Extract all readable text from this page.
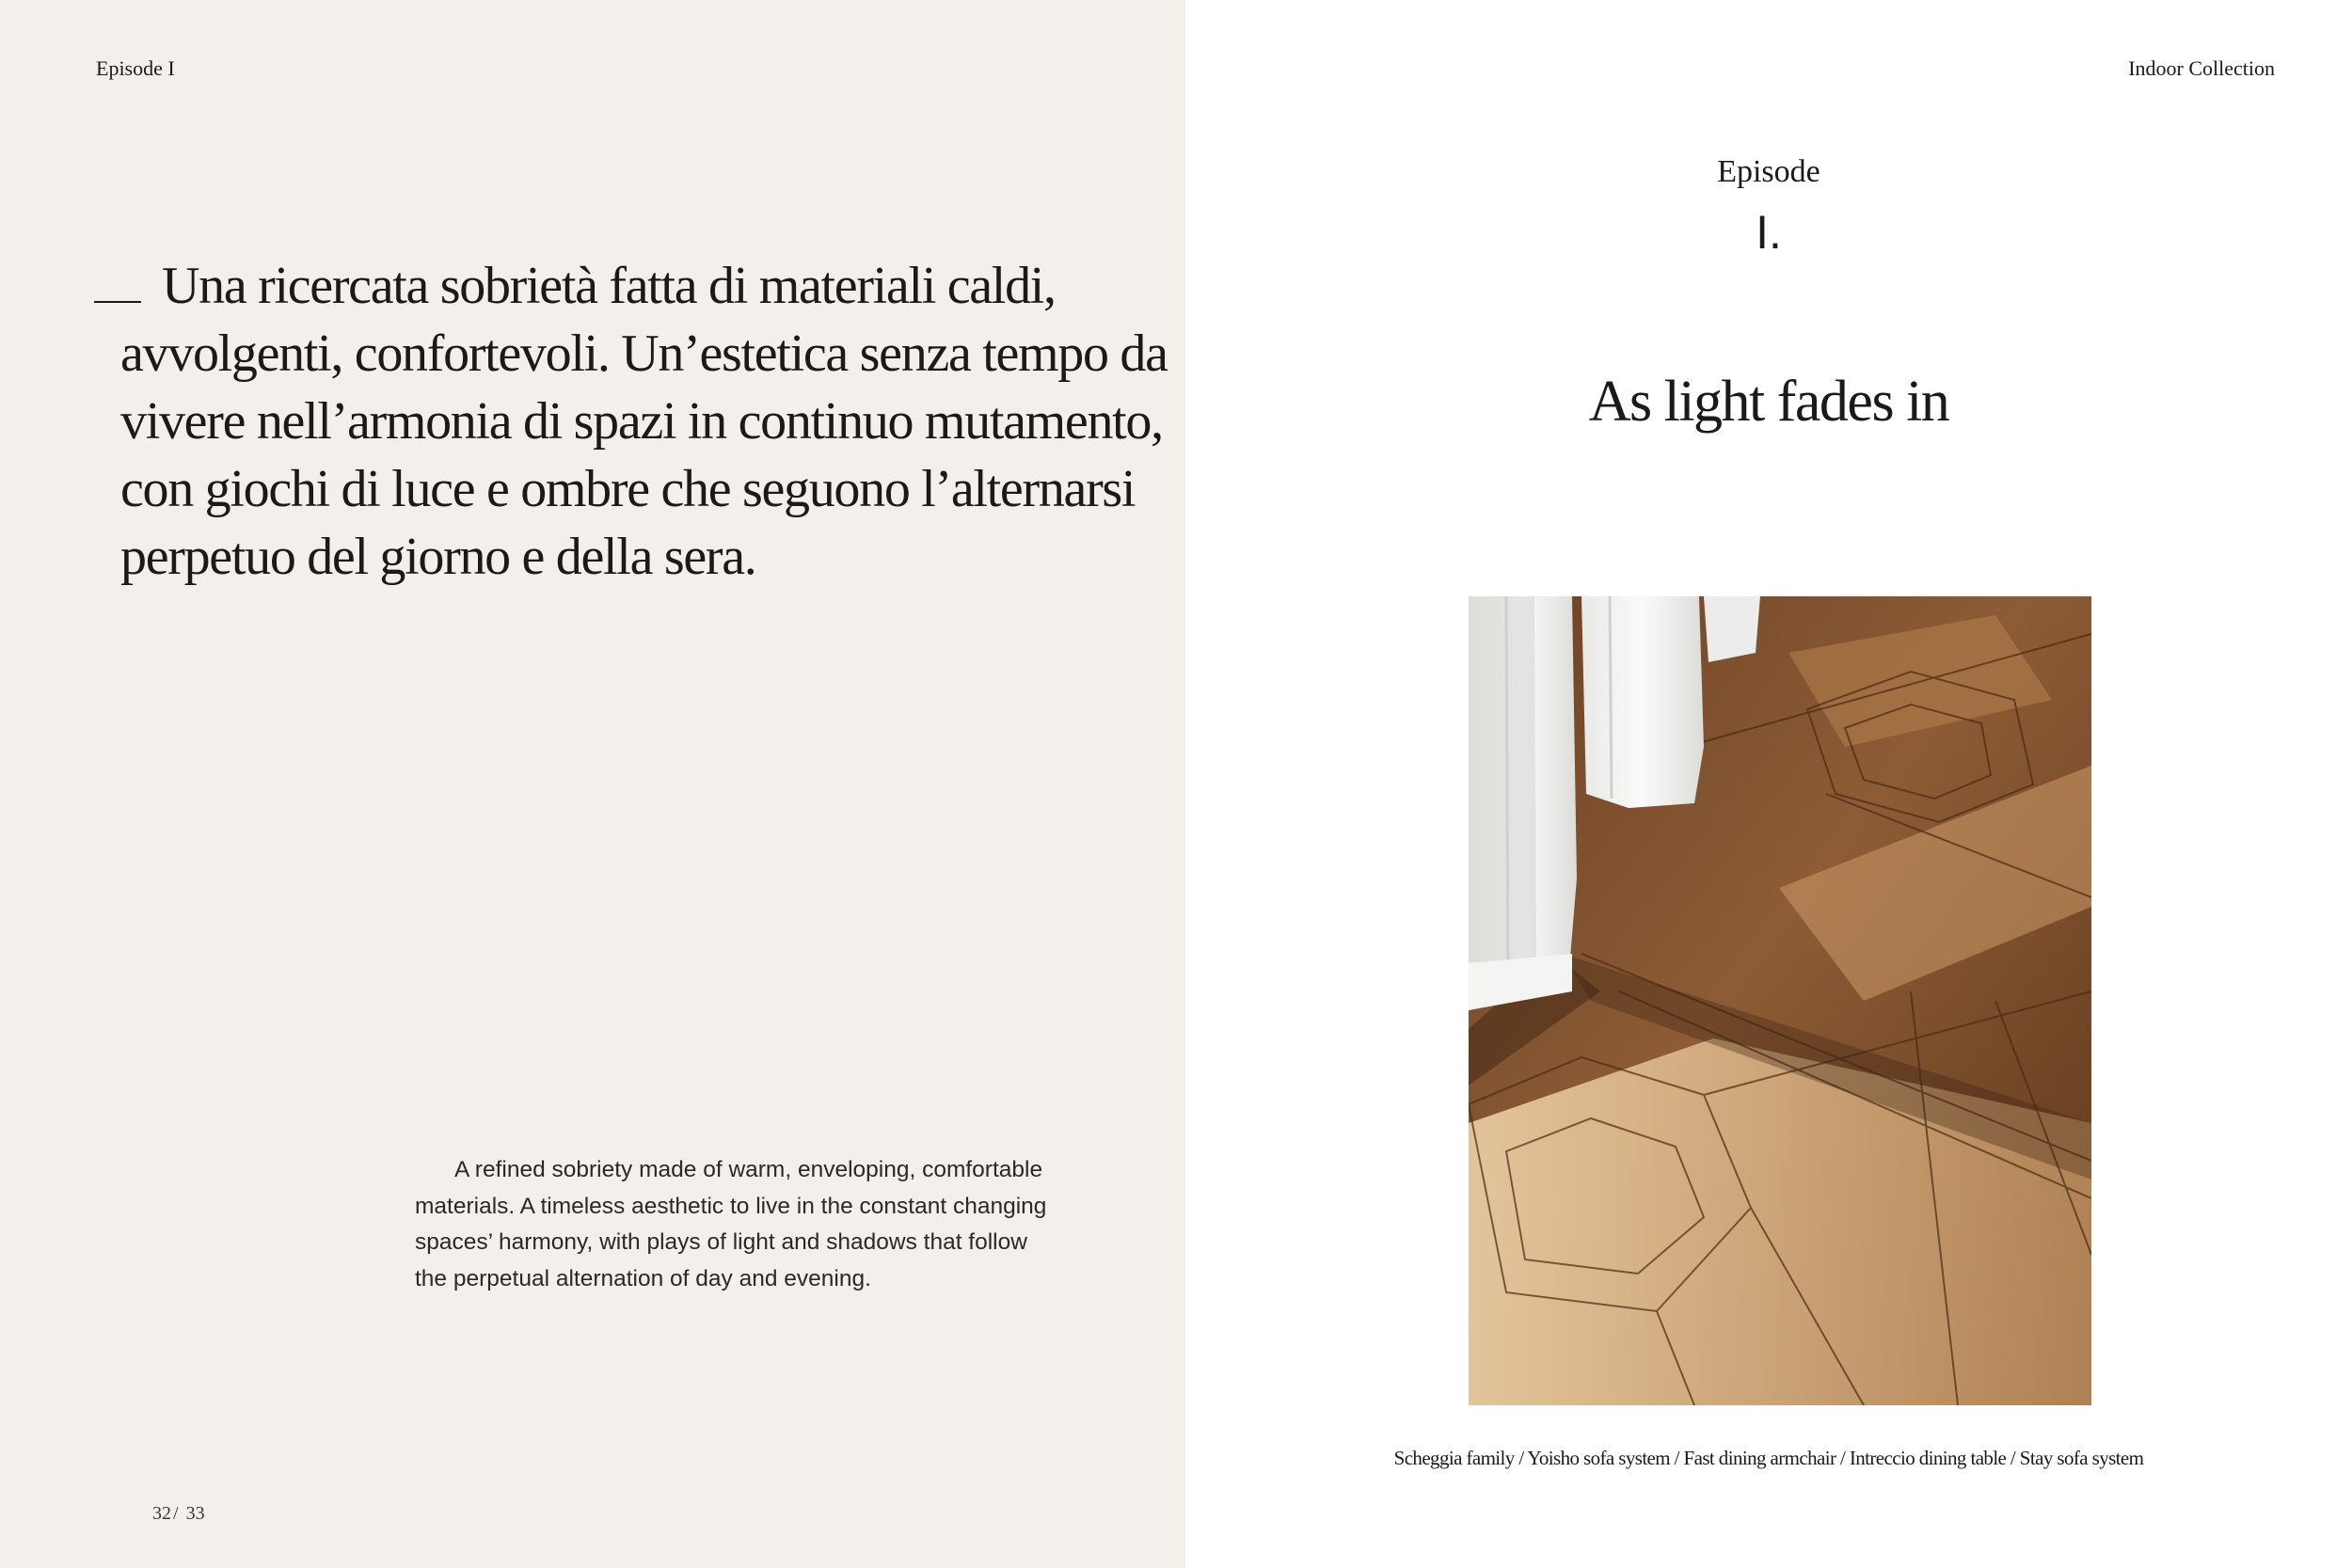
Episode I

Una ricercata sobrietà fatta di materiali caldi,
avvolgenti, confortevoli. Un’estetica senza tempo da
vivere nell’armonia di spazi in continuo mutamento,
con giochi di luce e ombre che seguono l’alternarsi
perpetuo del giorno e della sera.

A refined sobriety made of warm, enveloping, comfortable
materials. A timeless aesthetic to live in the constant changing
spaces’ harmony, with plays of light and shadows that follow
the perpetual alternation of day and evening.

32 / 33
Indoor Collection
Episode
I.
As light fades in
Scheggia family / Yoisho sofa system / Fast dining armchair / Intreccio dining table / Stay sofa system
